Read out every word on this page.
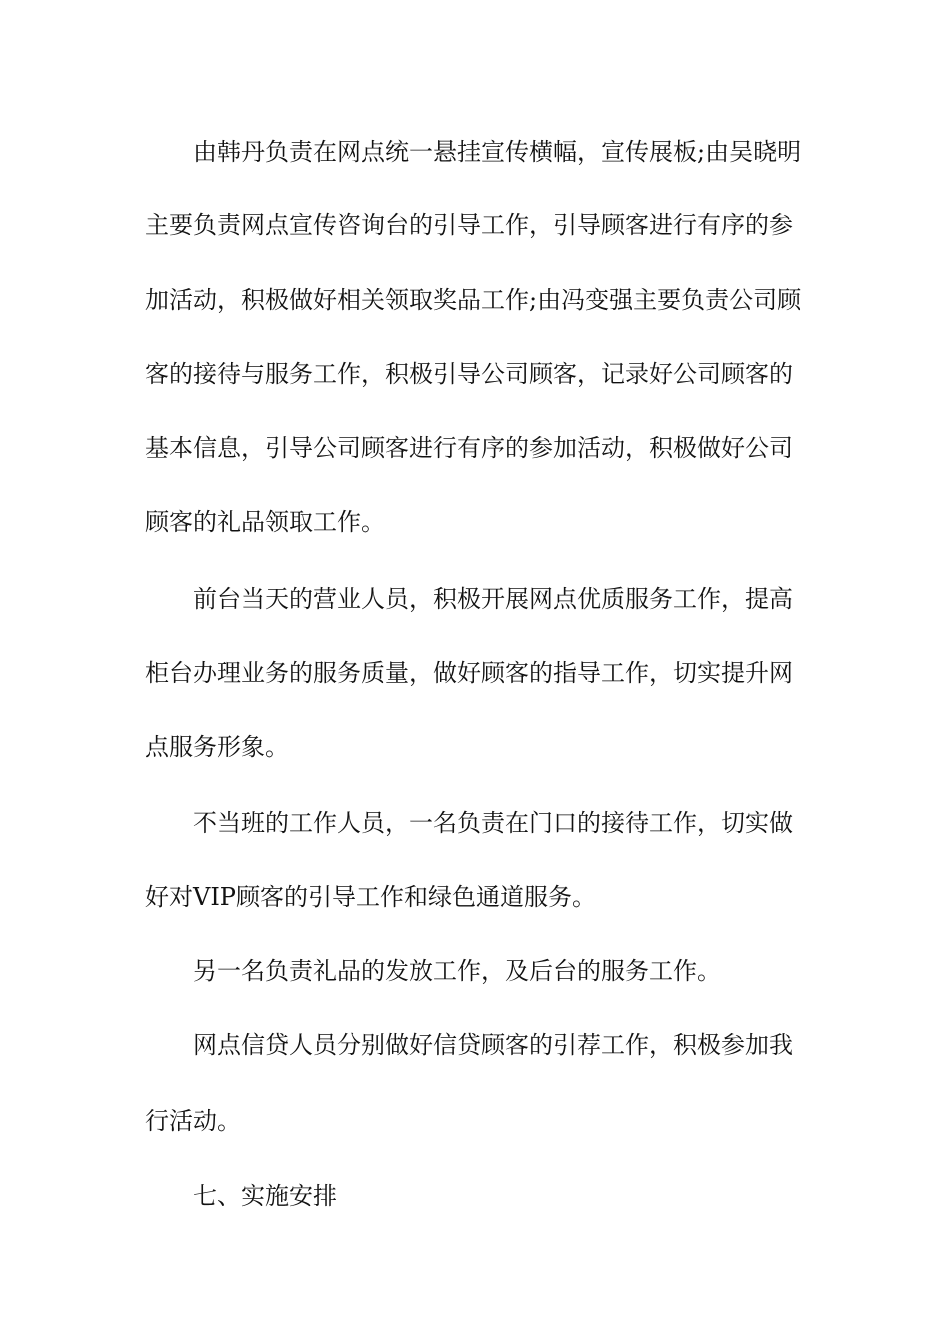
由韩丹负责在网点统一悬挂宣传横幅，宣传展板;由吴晓明
主要负责网点宣传咨询台的引导工作，引导顾客进行有序的参
加活动，积极做好相关领取奖品工作;由冯变强主要负责公司顾
客的接待与服务工作，积极引导公司顾客，记录好公司顾客的
基本信息，引导公司顾客进行有序的参加活动，积极做好公司
顾客的礼品领取工作。
前台当天的营业人员，积极开展网点优质服务工作，提高
柜台办理业务的服务质量，做好顾客的指导工作，切实提升网
点服务形象。
不当班的工作人员，一名负责在门口的接待工作，切实做
好对VIP顾客的引导工作和绿色通道服务。
另一名负责礼品的发放工作，及后台的服务工作。
网点信贷人员分别做好信贷顾客的引荐工作，积极参加我
行活动。
七、实施安排
